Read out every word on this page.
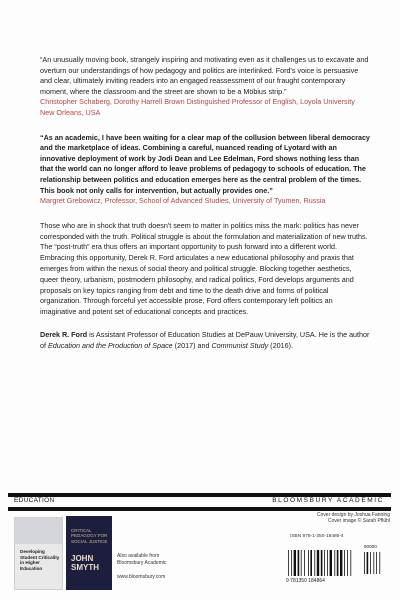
“An unusually moving book, strangely inspiring and motivating even as it challenges us to excavate and overturn our understandings of how pedagogy and politics are interlinked. Ford's voice is persuasive and clear, ultimately inviting readers into an engaged reassessment of our fraught contemporary moment, where the classroom and the street are shown to be a Möbius strip.”

Christopher Schaberg, Dorothy Harrell Brown Distinguished Professor of English, Loyola University New Orleans, USA

“As an academic, I have been waiting for a clear map of the collusion between liberal democracy and the marketplace of ideas. Combining a careful, nuanced reading of Lyotard with an innovative deployment of work by Jodi Dean and Lee Edelman, Ford shows nothing less than that the world can no longer afford to leave problems of pedagogy to schools of education. The relationship between politics and education emerges here as the central problem of the times. This book not only calls for intervention, but actually provides one.”

Margret Grebowicz, Professor, School of Advanced Studies, University of Tyumen, Russia

Those who are in shock that truth doesn't seem to matter in politics miss the mark: politics has never corresponded with the truth. Political struggle is about the formulation and materialization of new truths. The “post-truth” era thus offers an important opportunity to push forward into a different world. Embracing this opportunity, Derek R. Ford articulates a new educational philosophy and praxis that emerges from within the nexus of social theory and political struggle. Blocking together aesthetics, queer theory, urbanism, postmodern philosophy, and radical politics, Ford develops arguments and proposals on key topics ranging from debt and time to the death drive and forms of political organization. Through forceful yet accessible prose, Ford offers contemporary left politics an imaginative and potent set of educational concepts and practices.

Derek R. Ford is Assistant Professor of Education Studies at DePauw University, USA. He is the author of Education and the Production of Space (2017) and Communist Study (2016).

EDUCATION	BLOOMSBURY ACADEMIC
Developing Student Criticality in Higher Education
CRITICAL PEDAGOGY FOR SOCIAL JUSTICE
JOHN SMYTH
Also available from
Bloomsbury Academic
www.bloomsbury.com
Cover design by Joshua Fanning
Cover image © Sarah Pflühl
ISBN 978-1-350-18486-4
9 781350 184864
90000
